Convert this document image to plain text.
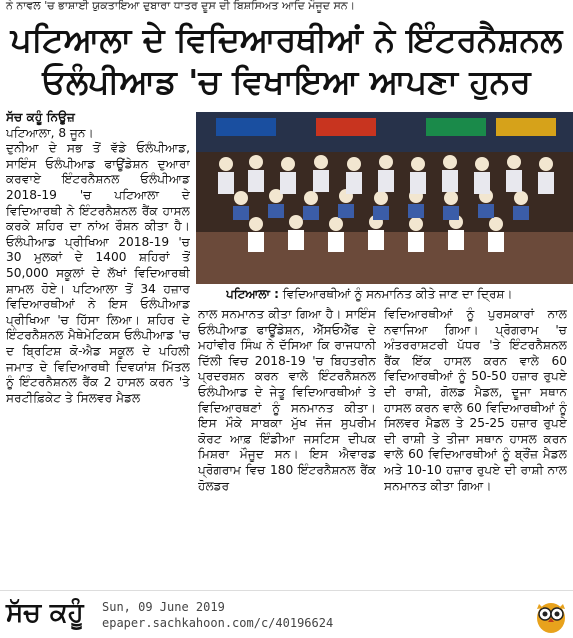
ਨੇ ਨਾਵਲ 'ਚ ਭਾਸ਼ਾਈ ਯੁਕਤਾਇਆ ਦੁਬਾਰਾ ਧਾਤਰ ਦੂਸ ਦੀ ਬਿਸ਼ਸਿਅਤ ਆਦਿ ਮੌਜੂਦ ਸਨ।
ਪਟਿਆਲਾ ਦੇ ਵਿਦਿਆਰਥੀਆਂ ਨੇ ਇੰਟਰਨੈਸ਼ਨਲ
ਓਲੰਪੀਆਡ 'ਚ ਵਿਖਾਇਆ ਆਪਣਾ ਹੁਨਰ

ਸੱਚ ਕਹੂੰ ਨਿਊਜ਼

ਪਟਿਆਲਾ, 8 ਜੂਨ।

ਦੁਨੀਆ ਦੇ ਸਭ ਤੋਂ ਵੱਡੇ ਓਲੰਪੀਆਡ, ਸਾਇੰਸ ਓਲੰਪੀਆਡ ਫਾਊਂਡੇਸ਼ਨ ਦੁਆਰਾ ਕਰਵਾਏ ਇੰਟਰਨੈਸ਼ਨਲ ਓਲੰਪੀਆਡ 2018-19 'ਚ ਪਟਿਆਲਾ ਦੇ ਵਿਦਿਆਰਥੀ ਨੇ ਇੰਟਰਨੈਸ਼ਨਲ ਰੈਂਕ ਹਾਸਲ ਕਰਕੇ ਸ਼ਹਿਰ ਦਾ ਨਾਂਅ ਰੌਸ਼ਨ ਕੀਤਾ ਹੈ। ਓਲੰਪੀਆਡ ਪ੍ਰੀਖਿਆ 2018-19 'ਚ 30 ਮੁਲਕਾਂ ਦੇ 1400 ਸ਼ਹਿਰਾਂ ਤੋਂ 50,000 ਸਕੂਲਾਂ ਦੇ ਲੱਖਾਂ ਵਿਦਿਆਰਥੀ ਸ਼ਾਮਲ ਹੋਏ। ਪਟਿਆਲਾ ਤੋਂ 34 ਹਜ਼ਾਰ ਵਿਦਿਆਰਥੀਆਂ ਨੇ ਇਸ ਓਲੰਪੀਆਡ ਪ੍ਰੀਖਿਆ 'ਚ ਹਿੱਸਾ ਲਿਆ। ਸ਼ਹਿਰ ਦੇ ਇੰਟਰਨੈਸ਼ਨਲ ਮੈਥੇਮੇਟਿਕਸ ਓਲੰਪੀਆਡ 'ਚ ਦ ਬ੍ਰਿਟਿਸ਼ ਕੋ-ਐਡ ਸਕੂਲ ਦੇ ਪਹਿਲੀ ਜਮਾਤ ਦੇ ਵਿਦਿਆਰਥੀ ਦਿਵਯਾਂਸ਼ ਮਿੱਤਲ ਨੂੰ ਇੰਟਰਨੈਸ਼ਨਲ ਰੈਂਕ 2 ਹਾਸਲ ਕਰਨ 'ਤੇ ਸਰਟੀਫ਼ਿਕੇਟ ਤੇ ਸਿਲਵਰ ਮੈਡਲ

ਪਟਿਆਲਾ : ਵਿਦਿਆਰਥੀਆਂ ਨੂੰ ਸਨਮਾਨਿਤ ਕੀਤੇ ਜਾਣ ਦਾ ਦ੍ਰਿਸ਼।

ਨਾਲ ਸਨਮਾਨਤ ਕੀਤਾ ਗਿਆ ਹੈ। ਸਾਇੰਸ ਓਲੰਪੀਆਡ ਫਾਊਂਡੇਸ਼ਨ, ਐੱਸਓਐੱਫ ਦੇ ਮਹਾਂਵੀਰ ਸਿੰਘ ਨੇ ਦੱਸਿਆ ਕਿ ਰਾਜਧਾਨੀ ਦਿੱਲੀ ਵਿਚ 2018-19 'ਚ ਬਿਹਤਰੀਨ ਪ੍ਰਦਰਸ਼ਨ ਕਰਨ ਵਾਲੇ ਇੰਟਰਨੈਸ਼ਨਲ ਓਲੰਪੀਆਡ ਦੇ ਜੇਤੂ ਵਿਦਿਆਰਥੀਆਂ ਤੇ ਵਿਦਿਆਰਥਣਾਂ ਨੂੰ ਸਨਮਾਨਤ ਕੀਤਾ। ਇਸ ਮੌਕੇ ਸਾਬਕਾ ਮੁੱਖ ਜੱਜ ਸੁਪਰੀਮ ਕੋਰਟ ਆਫ਼ ਇੰਡੀਆ ਜਸਟਿਸ ਦੀਪਕ ਮਿਸ਼ਰਾ ਮੌਜੂਦ ਸਨ। ਇਸ ਐਵਾਰਡ ਪ੍ਰੋਗਰਾਮ ਵਿਚ 180 ਇੰਟਰਨੈਸ਼ਨਲ ਰੈਂਕ ਹੋਲਡਰ

ਵਿਦਿਆਰਥੀਆਂ ਨੂੰ ਪੁਰਸਕਾਰਾਂ ਨਾਲ ਨਵਾਜਿਆ ਗਿਆ। ਪ੍ਰੋਗਰਾਮ 'ਚ ਅੰਤਰਰਾਸ਼ਟਰੀ ਪੱਧਰ 'ਤੇ ਇੰਟਰਨੈਸ਼ਨਲ ਰੈਂਕ ਇੱਕ ਹਾਸਲ ਕਰਨ ਵਾਲੇ 60 ਵਿਦਿਆਰਥੀਆਂ ਨੂੰ 50-50 ਹਜ਼ਾਰ ਰੁਪਏ ਦੀ ਰਾਸ਼ੀ, ਗੋਲਡ ਮੈਡਲ, ਦੂਜਾ ਸਥਾਨ ਹਾਸਲ ਕਰਨ ਵਾਲੇ 60 ਵਿਦਿਆਰਥੀਆਂ ਨੂੰ ਸਿਲਵਰ ਮੈਡਲ ਤੇ 25-25 ਹਜ਼ਾਰ ਰੁਪਏ ਦੀ ਰਾਸ਼ੀ ਤੇ ਤੀਜਾ ਸਥਾਨ ਹਾਸਲ ਕਰਨ ਵਾਲੇ 60 ਵਿਦਿਆਰਥੀਆਂ ਨੂੰ ਬ੍ਰੌਂਜ਼ ਮੈਡਲ ਅਤੇ 10-10 ਹਜ਼ਾਰ ਰੁਪਏ ਦੀ ਰਾਸ਼ੀ ਨਾਲ ਸਨਮਾਨਤ ਕੀਤਾ ਗਿਆ।

ਸੱਚ ਕਹੂੰ Sun, 09 June 2019
epaper.sachkahoon.com/c/40196624
